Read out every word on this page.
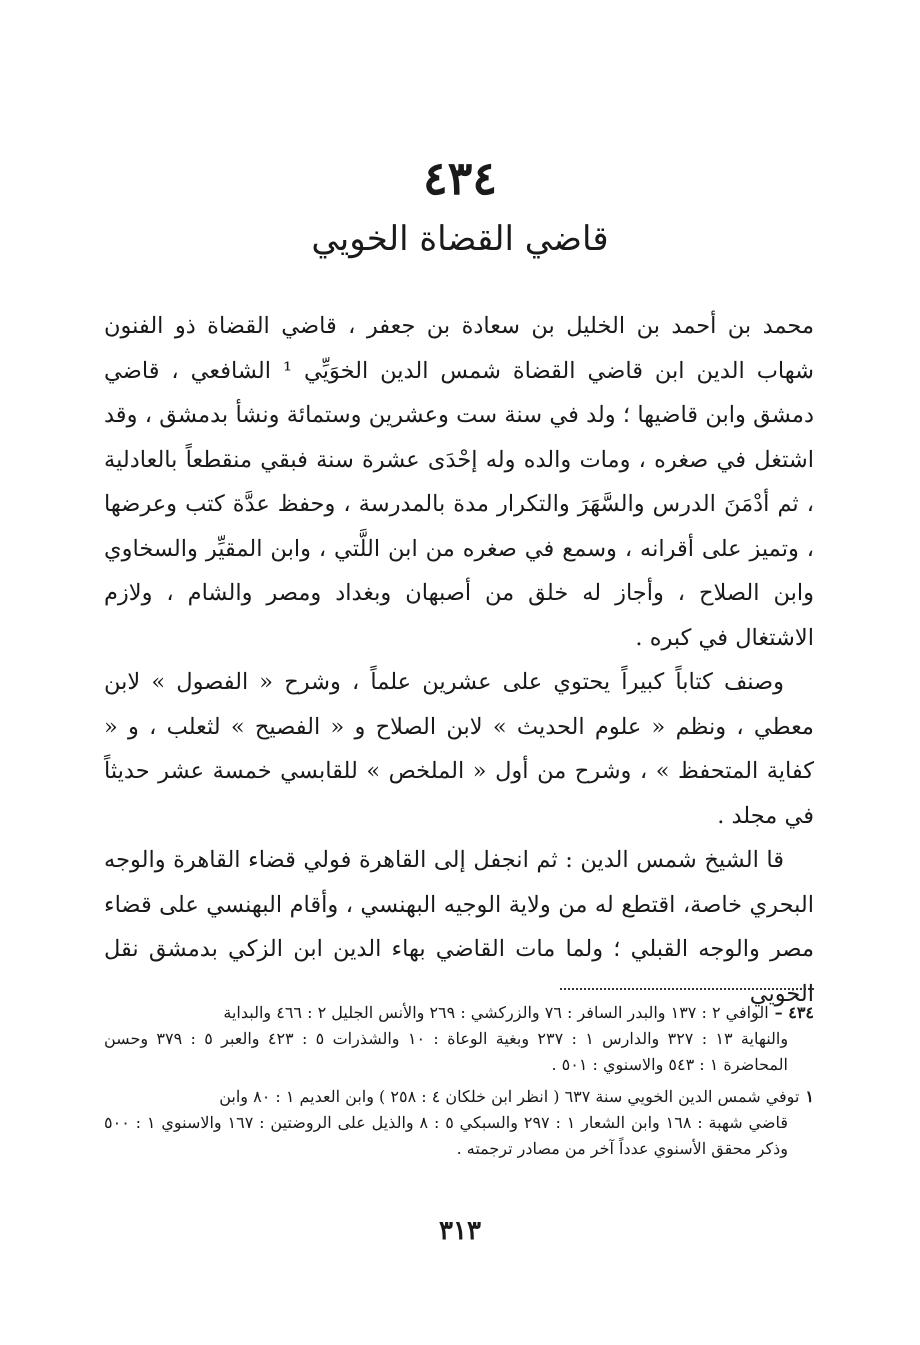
٤٣٤
قاضي القضاة الخويي

محمد بن أحمد بن الخليل بن سعادة بن جعفر ، قاضي القضاة ذو الفنون شهاب الدين ابن قاضي القضاة شمس الدين الخوَيِّي ¹ الشافعي ، قاضي دمشق وابن قاضيها ؛ ولد في سنة ست وعشرين وستمائة ونشأ بدمشق ، وقد اشتغل في صغره ، ومات والده وله إحْدَى عشرة سنة فبقي منقطعاً بالعادلية ، ثم أدْمَنَ الدرس والسَّهَرَ والتكرار مدة بالمدرسة ، وحفظ عدَّة كتب وعرضها ، وتميز على أقرانه ، وسمع في صغره من ابن اللَّتي ، وابن المقيِّر والسخاوي وابن الصلاح ، وأجاز له خلق من أصبهان وبغداد ومصر والشام ، ولازم الاشتغال في كبره .

وصنف كتاباً كبيراً يحتوي على عشرين علماً ، وشرح « الفصول » لابن معطي ، ونظم « علوم الحديث » لابن الصلاح و « الفصيح » لثعلب ، و « كفاية المتحفظ » ، وشرح من أول « الملخص » للقابسي خمسة عشر حديثاً في مجلد .

قا الشيخ شمس الدين : ثم انجفل إلى القاهرة فولي قضاء القاهرة والوجه البحري خاصة، اقتطع له من ولاية الوجيه البهنسي ، وأقام البهنسي على قضاء مصر والوجه القبلي ؛ ولما مات القاضي بهاء الدين ابن الزكي بدمشق نقل الخويي

٤٣٤ –الوافي ٢ : ١٣٧ والبدر السافر : ٧٦ والزركشي : ٢٦٩ والأنس الجليل ٢ : ٤٦٦ والبداية
والنهاية ١٣ : ٣٢٧ والدارس ١ : ٢٣٧ وبغية الوعاة : ١٠ والشذرات ٥ : ٤٢٣ والعبر ٥ : ٣٧٩ وحسن المحاضرة ١ : ٥٤٣ والاسنوي : ٥٠١ .
١توفي شمس الدين الخويي سنة ٦٣٧ ( انظر ابن خلكان ٤ : ٢٥٨ ) وابن العديم ١ : ٨٠ وابن
قاضي شهبة : ١٦٨ وابن الشعار ١ : ٢٩٧ والسبكي ٥ : ٨ والذيل على الروضتين : ١٦٧ والاسنوي ١ : ٥٠٠ وذكر محقق الأسنوي عدداً آخر من مصادر ترجمته .
٣١٣
